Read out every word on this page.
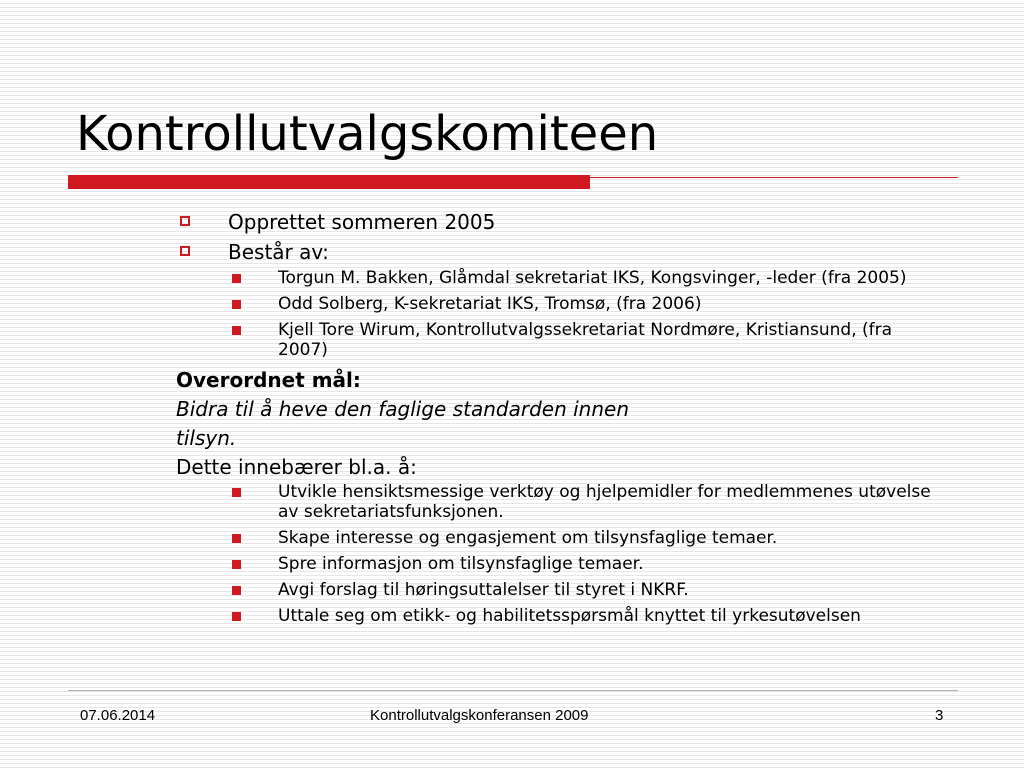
Kontrollutvalgskomiteen
Opprettet sommeren 2005
Består av:
Torgun M. Bakken, Glåmdal sekretariat IKS, Kongsvinger, -leder (fra 2005)
Odd Solberg, K-sekretariat IKS, Tromsø, (fra 2006)
Kjell Tore Wirum, Kontrollutvalgssekretariat Nordmøre, Kristiansund, (fra 2007)
Overordnet mål:
Bidra til å heve den faglige standarden innen
tilsyn.
Dette innebærer bl.a. å:
Utvikle hensiktsmessige verktøy og hjelpemidler for medlemmenes utøvelse av sekretariatsfunksjonen.
Skape interesse og engasjement om tilsynsfaglige temaer.
Spre informasjon om tilsynsfaglige temaer.
Avgi forslag til høringsuttalelser til styret i NKRF.
Uttale seg om etikk- og habilitetsspørsmål knyttet til yrkesutøvelsen
07.06.2014	Kontrollutvalgskonferansen 2009	3
